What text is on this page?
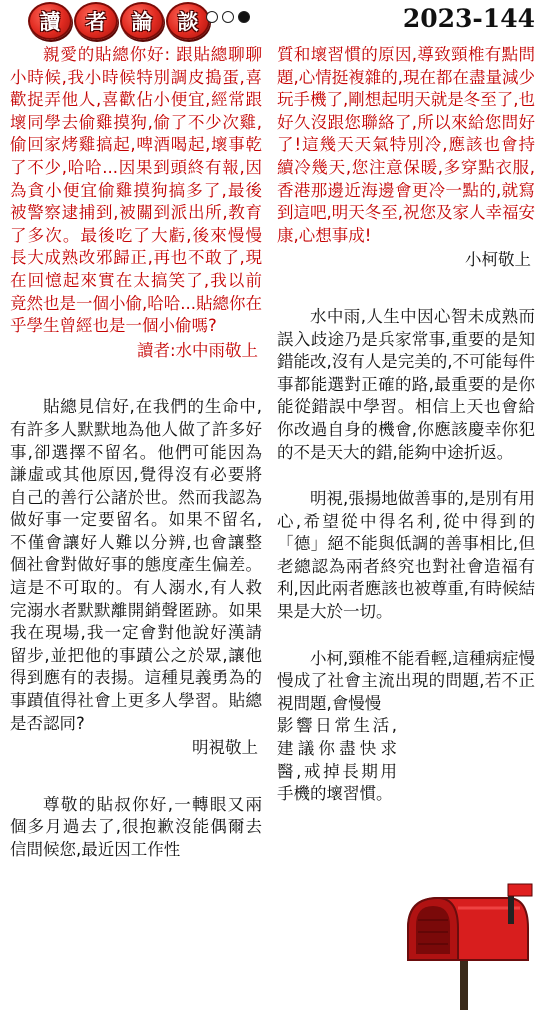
讀	者	論	談	2023-144

親愛的貼總你好: 跟貼總聊聊小時候,我小時候特別調皮搗蛋,喜歡捉弄他人,喜歡佔小便宜,經常跟壞同學去偷雞摸狗,偷了不少次雞,偷回家烤雞搞起,啤酒喝起,壞事乾了不少,哈哈...因果到頭終有報,因為貪小便宜偷雞摸狗搞多了,最後被警察逮捕到,被關到派出所,教育了多次。最後吃了大虧,後來慢慢長大成熟改邪歸正,再也不敢了,現在回憶起來實在太搞笑了,我以前竟然也是一個小偷,哈哈...貼總你在乎學生曾經也是一個小偷嗎?

讀者:水中雨敬上

貼總見信好,在我們的生命中,有許多人默默地為他人做了許多好事,卻選擇不留名。他們可能因為謙虛或其他原因,覺得沒有必要將自己的善行公諸於世。然而我認為做好事一定要留名。如果不留名,不僅會讓好人難以分辨,也會讓整個社會對做好事的態度產生偏差。這是不可取的。有人溺水,有人救完溺水者默默離開銷聲匿跡。如果我在現場,我一定會對他說好漢請留步,並把他的事蹟公之於眾,讓他得到應有的表揚。這種見義勇為的事蹟值得社會上更多人學習。貼總是否認同?

明視敬上

尊敬的貼叔你好,一轉眼又兩個多月過去了,很抱歉沒能偶爾去信問候您,最近因工作性

質和壞習慣的原因,導致頸椎有點問題,心情挺複雜的,現在都在盡量減少玩手機了,剛想起明天就是冬至了,也好久沒跟您聯絡了,所以來給您問好了!這幾天天氣特別冷,應該也會持續冷幾天,您注意保暖,多穿點衣服,香港那邊近海邊會更冷一點的,就寫到這吧,明天冬至,祝您及家人幸福安康,心想事成!

小柯敬上

水中雨,人生中因心智未成熟而誤入歧途乃是兵家常事,重要的是知錯能改,沒有人是完美的,不可能每件事都能選對正確的路,最重要的是你能從錯誤中學習。相信上天也會給你改過自身的機會,你應該慶幸你犯的不是天大的錯,能夠中途折返。

明視,張揚地做善事的,是別有用心,希望從中得名利,從中得到的「德」絕不能與低調的善事相比,但老總認為兩者終究也對社會造福有利,因此兩者應該也被尊重,有時候結果是大於一切。

小柯,頸椎不能看輕,這種病症慢慢成了社會主流出現的問題,若不正視問題,會慢慢

影響日常生活,建議你盡快求醫,戒掉長期用手機的壞習慣。
